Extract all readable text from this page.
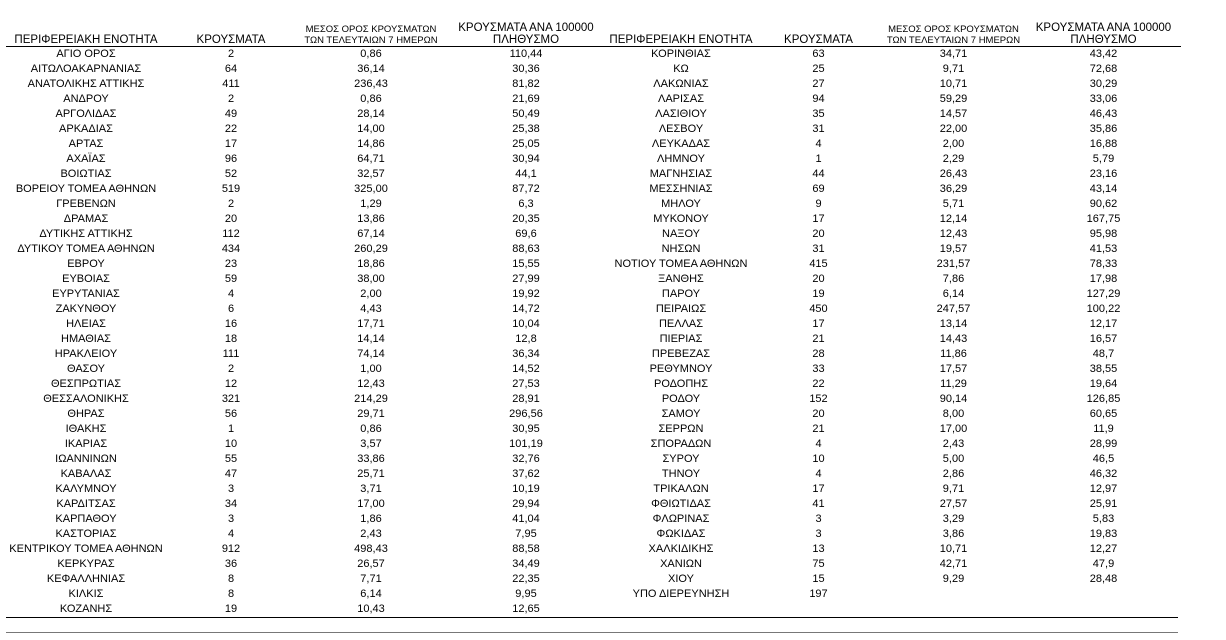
ΠΕΡΙΦΕΡΕΙΑΚΗ ΕΝΟΤΗΤΑ	ΚΡΟΥΣΜΑΤΑ	ΜΕΣΟΣ ΟΡΟΣ ΚΡΟΥΣΜΑΤΩΝ
ΤΩΝ ΤΕΛΕΥΤΑΙΩΝ 7 ΗΜΕΡΩΝ	ΚΡΟΥΣΜΑΤΑ ΑΝΑ 100000
ΠΛΗΘΥΣΜΟ
ΑΓΙΟ ΟΡΟΣ	2	0,86	110,44
ΑΙΤΩΛΟΑΚΑΡΝΑΝΙΑΣ	64	36,14	30,36
ΑΝΑΤΟΛΙΚΗΣ ΑΤΤΙΚΗΣ	411	236,43	81,82
ΑΝΔΡΟΥ	2	0,86	21,69
ΑΡΓΟΛΙΔΑΣ	49	28,14	50,49
ΑΡΚΑΔΙΑΣ	22	14,00	25,38
ΑΡΤΑΣ	17	14,86	25,05
ΑΧΑΪΑΣ	96	64,71	30,94
ΒΟΙΩΤΙΑΣ	52	32,57	44,1
ΒΟΡΕΙΟΥ ΤΟΜΕΑ ΑΘΗΝΩΝ	519	325,00	87,72
ΓΡΕΒΕΝΩΝ	2	1,29	6,3
ΔΡΑΜΑΣ	20	13,86	20,35
ΔΥΤΙΚΗΣ ΑΤΤΙΚΗΣ	112	67,14	69,6
ΔΥΤΙΚΟΥ ΤΟΜΕΑ ΑΘΗΝΩΝ	434	260,29	88,63
ΕΒΡΟΥ	23	18,86	15,55
ΕΥΒΟΙΑΣ	59	38,00	27,99
ΕΥΡΥΤΑΝΙΑΣ	4	2,00	19,92
ΖΑΚΥΝΘΟΥ	6	4,43	14,72
ΗΛΕΙΑΣ	16	17,71	10,04
ΗΜΑΘΙΑΣ	18	14,14	12,8
ΗΡΑΚΛΕΙΟΥ	111	74,14	36,34
ΘΑΣΟΥ	2	1,00	14,52
ΘΕΣΠΡΩΤΙΑΣ	12	12,43	27,53
ΘΕΣΣΑΛΟΝΙΚΗΣ	321	214,29	28,91
ΘΗΡΑΣ	56	29,71	296,56
ΙΘΑΚΗΣ	1	0,86	30,95
ΙΚΑΡΙΑΣ	10	3,57	101,19
ΙΩΑΝΝΙΝΩΝ	55	33,86	32,76
ΚΑΒΑΛΑΣ	47	25,71	37,62
ΚΑΛΥΜΝΟΥ	3	3,71	10,19
ΚΑΡΔΙΤΣΑΣ	34	17,00	29,94
ΚΑΡΠΑΘΟΥ	3	1,86	41,04
ΚΑΣΤΟΡΙΑΣ	4	2,43	7,95
ΚΕΝΤΡΙΚΟΥ ΤΟΜΕΑ ΑΘΗΝΩΝ	912	498,43	88,58
ΚΕΡΚΥΡΑΣ	36	26,57	34,49
ΚΕΦΑΛΛΗΝΙΑΣ	8	7,71	22,35
ΚΙΛΚΙΣ	8	6,14	9,95
ΚΟΖΑΝΗΣ	19	10,43	12,65
ΠΕΡΙΦΕΡΕΙΑΚΗ ΕΝΟΤΗΤΑ	ΚΡΟΥΣΜΑΤΑ	ΜΕΣΟΣ ΟΡΟΣ ΚΡΟΥΣΜΑΤΩΝ
ΤΩΝ ΤΕΛΕΥΤΑΙΩΝ 7 ΗΜΕΡΩΝ	ΚΡΟΥΣΜΑΤΑ ΑΝΑ 100000
ΠΛΗΘΥΣΜΟ
ΚΟΡΙΝΘΙΑΣ	63	34,71	43,42
ΚΩ	25	9,71	72,68
ΛΑΚΩΝΙΑΣ	27	10,71	30,29
ΛΑΡΙΣΑΣ	94	59,29	33,06
ΛΑΣΙΘΙΟΥ	35	14,57	46,43
ΛΕΣΒΟΥ	31	22,00	35,86
ΛΕΥΚΑΔΑΣ	4	2,00	16,88
ΛΗΜΝΟΥ	1	2,29	5,79
ΜΑΓΝΗΣΙΑΣ	44	26,43	23,16
ΜΕΣΣΗΝΙΑΣ	69	36,29	43,14
ΜΗΛΟΥ	9	5,71	90,62
ΜΥΚΟΝΟΥ	17	12,14	167,75
ΝΑΞΟΥ	20	12,43	95,98
ΝΗΣΩΝ	31	19,57	41,53
ΝΟΤΙΟΥ ΤΟΜΕΑ ΑΘΗΝΩΝ	415	231,57	78,33
ΞΑΝΘΗΣ	20	7,86	17,98
ΠΑΡΟΥ	19	6,14	127,29
ΠΕΙΡΑΙΩΣ	450	247,57	100,22
ΠΕΛΛΑΣ	17	13,14	12,17
ΠΙΕΡΙΑΣ	21	14,43	16,57
ΠΡΕΒΕΖΑΣ	28	11,86	48,7
ΡΕΘΥΜΝΟΥ	33	17,57	38,55
ΡΟΔΟΠΗΣ	22	11,29	19,64
ΡΟΔΟΥ	152	90,14	126,85
ΣΑΜΟΥ	20	8,00	60,65
ΣΕΡΡΩΝ	21	17,00	11,9
ΣΠΟΡΑΔΩΝ	4	2,43	28,99
ΣΥΡΟΥ	10	5,00	46,5
ΤΗΝΟΥ	4	2,86	46,32
ΤΡΙΚΑΛΩΝ	17	9,71	12,97
ΦΘΙΩΤΙΔΑΣ	41	27,57	25,91
ΦΛΩΡΙΝΑΣ	3	3,29	5,83
ΦΩΚΙΔΑΣ	3	3,86	19,83
ΧΑΛΚΙΔΙΚΗΣ	13	10,71	12,27
ΧΑΝΙΩΝ	75	42,71	47,9
ΧΙΟΥ	15	9,29	28,48
ΥΠΟ ΔΙΕΡΕΥΝΗΣΗ	197		
